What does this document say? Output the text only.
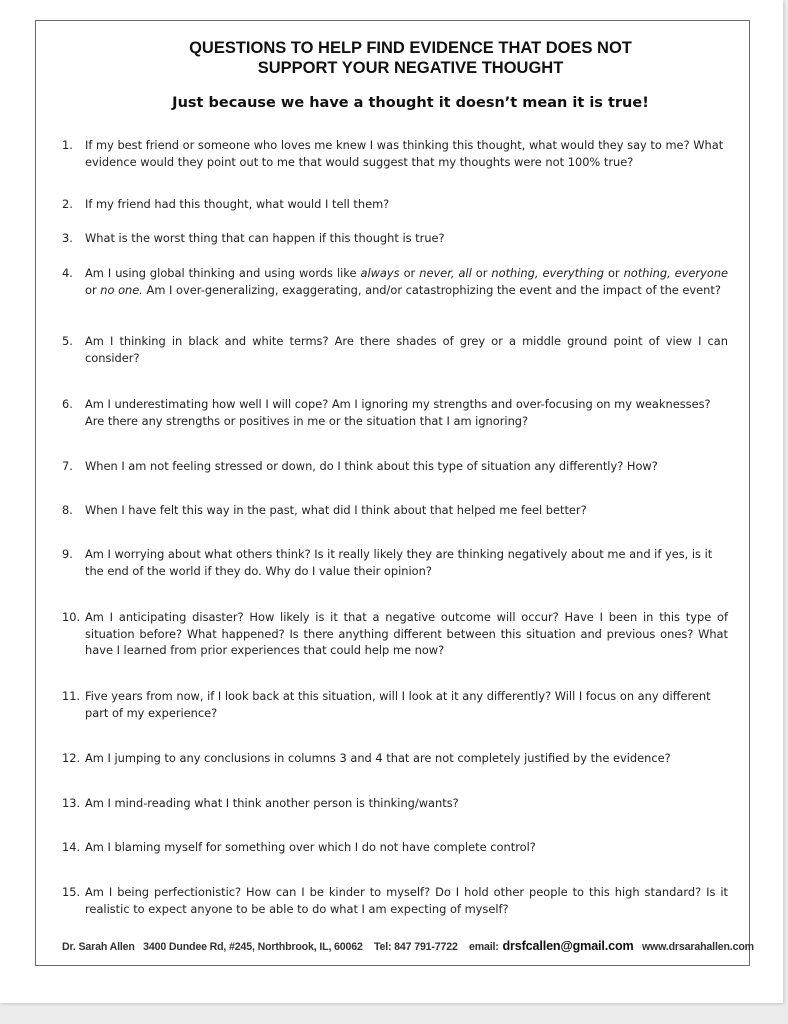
QUESTIONS TO HELP FIND EVIDENCE THAT DOES NOT
SUPPORT YOUR NEGATIVE THOUGHT
Just because we have a thought it doesn’t mean it is true!
1. If my best friend or someone who loves me knew I was thinking this thought, what would they say to me? What evidence would they point out to me that would suggest that my thoughts were not 100% true?
2. If my friend had this thought, what would I tell them?
3. What is the worst thing that can happen if this thought is true?
4. Am I using global thinking and using words like always or never, all or nothing, everything or nothing, everyone or no one. Am I over-generalizing, exaggerating, and/or catastrophizing the event and the impact of the event?
5. Am I thinking in black and white terms? Are there shades of grey or a middle ground point of view I can consider?
6. Am I underestimating how well I will cope? Am I ignoring my strengths and over-focusing on my weaknesses? Are there any strengths or positives in me or the situation that I am ignoring?
7. When I am not feeling stressed or down, do I think about this type of situation any differently? How?
8. When I have felt this way in the past, what did I think about that helped me feel better?
9. Am I worrying about what others think? Is it really likely they are thinking negatively about me and if yes, is it the end of the world if they do. Why do I value their opinion?
10. Am I anticipating disaster? How likely is it that a negative outcome will occur? Have I been in this type of situation before? What happened? Is there anything different between this situation and previous ones? What have I learned from prior experiences that could help me now?
11. Five years from now, if I look back at this situation, will I look at it any differently? Will I focus on any different part of my experience?
12. Am I jumping to any conclusions in columns 3 and 4 that are not completely justified by the evidence?
13. Am I mind-reading what I think another person is thinking/wants?
14. Am I blaming myself for something over which I do not have complete control?
15. Am I being perfectionistic? How can I be kinder to myself? Do I hold other people to this high standard? Is it realistic to expect anyone to be able to do what I am expecting of myself?
Dr. Sarah Allen 3400 Dundee Rd, #245, Northbrook, IL, 60062 Tel: 847 791-7722 email: drsfcallen@gmail.com www.drsarahallen.com
